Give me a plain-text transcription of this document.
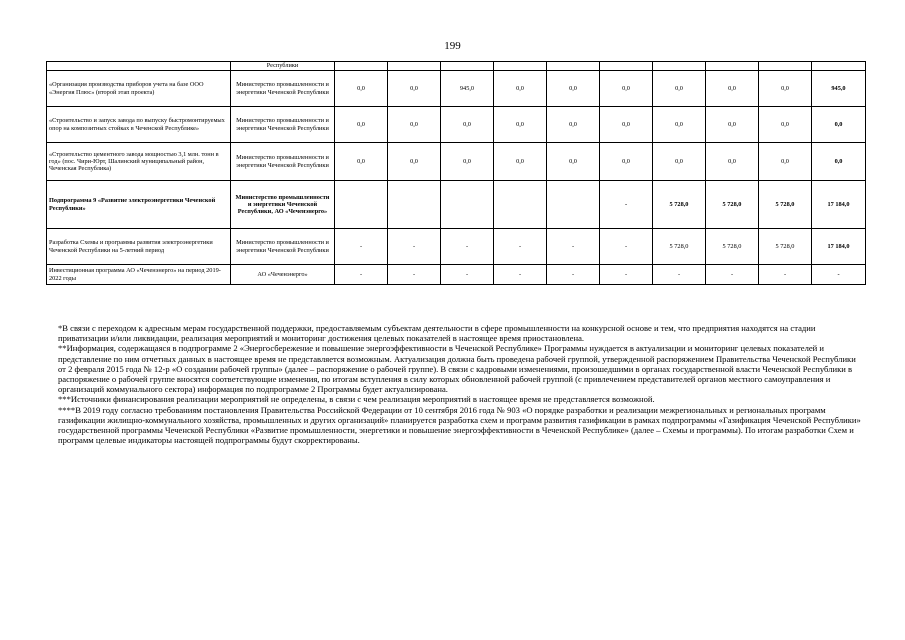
199
	Республики										
«Организация производства приборов учета на базе ООО «Энергия Плюс» (второй этап проекта)	Министерство промышленности и энергетики Чеченской Республики	0,0	0,0	945,0	0,0	0,0	0,0	0,0	0,0	0,0	945,0
«Строительство и запуск завода по выпуску быстромонтируемых опор на композитных стойках в Чеченской Республике»	Министерство промышленности и энергетики Чеченской Республики	0,0	0,0	0,0	0,0	0,0	0,0	0,0	0,0	0,0	0,0
«Строительство цементного завода мощностью 3,1 млн. тонн в год» (пос. Чири-Юрт, Шалинский муниципальный район, Чеченская Республика)	Министерство промышленности и энергетики Чеченской Республики	0,0	0,0	0,0	0,0	0,0	0,0	0,0	0,0	0,0	0,0
Подпрограмма 9 «Развитие электроэнергетики Чеченской Республики»	Министерство промышленности и энергетики Чеченской Республики, АО «Чеченэнерго»						-	5 728,0	5 728,0	5 728,0	17 184,0
Разработка Схемы и программы развития электроэнергетики Чеченской Республики на 5-летний период	Министерство промышленности и энергетики Чеченской Республики	-	-	-	-	-	-	5 728,0	5 728,0	5 728,0	17 184,0
Инвестиционная программа АО «Чеченэнерго» на период 2019-2022 годы	АО «Чеченэнерго»	-	-	-	-	-	-	-	-	-	-

*В связи с переходом к адресным мерам государственной поддержки, предоставляемым субъектам деятельности в сфере промышленности на конкурсной основе и тем, что предприятия находятся на стадии приватизации и/или ликвидации, реализация мероприятий и мониторинг достижения целевых показателей в настоящее время приостановлена.

**Информация, содержащаяся в подпрограмме 2 «Энергосбережение и повышение энергоэффективности в Чеченской Республике» Программы нуждается в актуализации и мониторинг целевых показателей и представление по ним отчетных данных в настоящее время не представляется возможным. Актуализация должна быть проведена рабочей группой, утвержденной распоряжением Правительства Чеченской Республики от 2 февраля 2015 года № 12-р «О создании рабочей группы» (далее – распоряжение о рабочей группе). В связи с кадровыми изменениями, произошедшими в органах государственной власти Чеченской Республики в распоряжение о рабочей группе вносятся соответствующие изменения, по итогам вступления в силу которых обновленной рабочей группой (с привлечением представителей органов местного самоуправления и организаций коммунального сектора) информация по подпрограмме 2 Программы будет актуализирована.

***Источники финансирования реализации мероприятий не определены, в связи с чем реализация мероприятий в настоящее время не представляется возможной.

****В 2019 году согласно требованиям постановления Правительства Российской Федерации от 10 сентября 2016 года № 903 «О порядке разработки и реализации межрегиональных и региональных программ газификации жилищно-коммунального хозяйства, промышленных и других организаций» планируется разработка схем и программ развития газификации в рамках подпрограммы «Газификация Чеченской Республики» государственной программы Чеченской Республики «Развитие промышленности, энергетики и повышение энергоэффективности в Чеченской Республике» (далее – Схемы и программы). По итогам разработки Схем и программ целевые индикаторы настоящей подпрограммы будут скорректированы.
